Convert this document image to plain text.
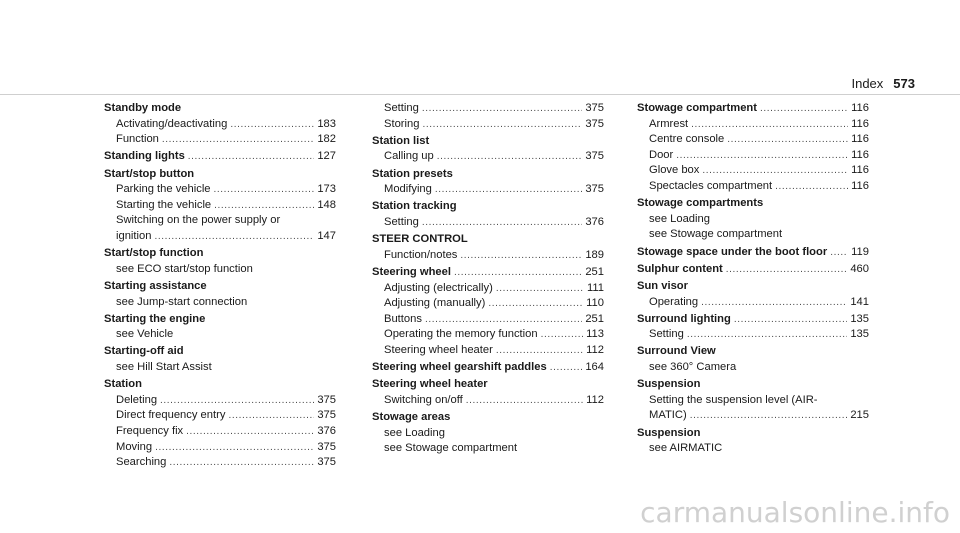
Index 573
Standby mode
Activating/deactivating .....	183
Function .....	182
Standing lights .....	127
Start/stop button
Parking the vehicle .....	173
Starting the vehicle .....	148
Switching on the power supply or
ignition .....	147
Start/stop function
see ECO start/stop function
Starting assistance
see Jump-start connection
Starting the engine
see Vehicle
Starting-off aid
see Hill Start Assist
Station
Deleting .....	375
Direct frequency entry .....	375
Frequency fix .....	376
Moving .....	375
Searching .....	375
Setting .....	375
Storing .....	375
Station list
Calling up .....	375
Station presets
Modifying .....	375
Station tracking
Setting .....	376
STEER CONTROL
Function/notes .....	189
Steering wheel .....	251
Adjusting (electrically) .....	111
Adjusting (manually) .....	110
Buttons .....	251
Operating the memory function .....	113
Steering wheel heater .....	112
Steering wheel gearshift paddles .....	164
Steering wheel heater
Switching on/off .....	112
Stowage areas
see Loading
see Stowage compartment
Stowage compartment .....	116
Armrest .....	116
Centre console .....	116
Door .....	116
Glove box .....	116
Spectacles compartment .....	116
Stowage compartments
see Loading
see Stowage compartment
Stowage space under the boot floor ..... 119
Sulphur content .....	460
Sun visor
Operating .....	141
Surround lighting .....	135
Setting .....	135
Surround View
see 360° Camera
Suspension
Setting the suspension level (AIR-
MATIC) .....	215
Suspension
see AIRMATIC
carmanualsonline.info
